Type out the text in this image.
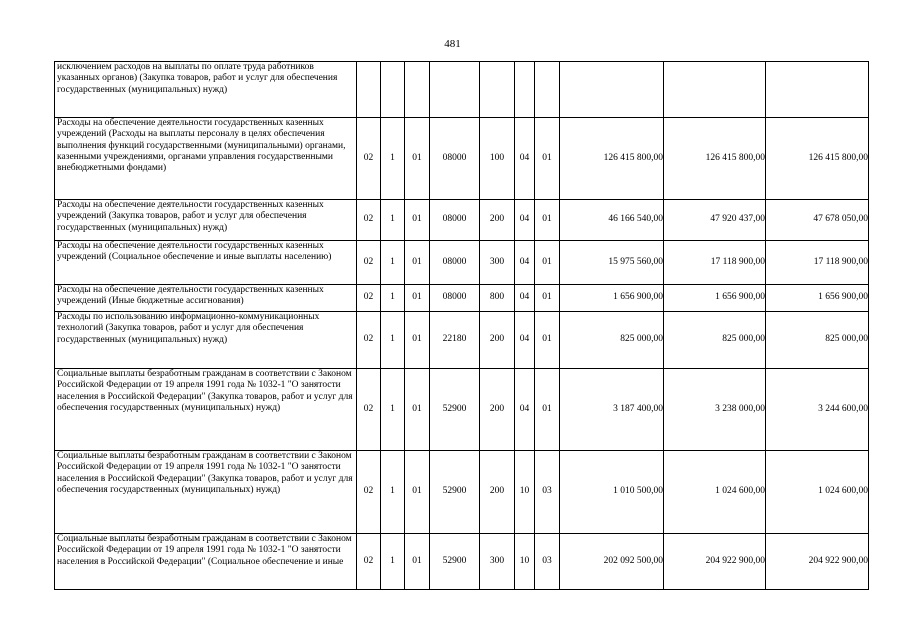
481
исключением расходов на выплаты по оплате труда работников указанных органов) (Закупка товаров, работ и услуг для обеспечения государственных (муниципальных) нужд)										
Расходы на обеспечение деятельности государственных казенных учреждений (Расходы на выплаты персоналу в целях обеспечения выполнения функций государственными (муниципальными) органами, казенными учреждениями, органами управления государственными внебюджетными фондами)	02	1	01	08000	100	04	01	126 415 800,00	126 415 800,00	126 415 800,00
Расходы на обеспечение деятельности государственных казенных учреждений (Закупка товаров, работ и услуг для обеспечения государственных (муниципальных) нужд)	02	1	01	08000	200	04	01	46 166 540,00	47 920 437,00	47 678 050,00
Расходы на обеспечение деятельности государственных казенных учреждений (Социальное обеспечение и иные выплаты населению)	02	1	01	08000	300	04	01	15 975 560,00	17 118 900,00	17 118 900,00
Расходы на обеспечение деятельности государственных казенных учреждений (Иные бюджетные ассигнования)	02	1	01	08000	800	04	01	1 656 900,00	1 656 900,00	1 656 900,00
Расходы по использованию информационно-коммуникационных технологий (Закупка товаров, работ и услуг для обеспечения государственных (муниципальных) нужд)	02	1	01	22180	200	04	01	825 000,00	825 000,00	825 000,00
Социальные выплаты безработным гражданам в соответствии с Законом Российской Федерации от 19 апреля 1991 года № 1032-1 "О занятости населения в Российской Федерации" (Закупка товаров, работ и услуг для обеспечения государственных (муниципальных) нужд)	02	1	01	52900	200	04	01	3 187 400,00	3 238 000,00	3 244 600,00
Социальные выплаты безработным гражданам в соответствии с Законом Российской Федерации от 19 апреля 1991 года № 1032-1 "О занятости населения в Российской Федерации" (Закупка товаров, работ и услуг для обеспечения государственных (муниципальных) нужд)	02	1	01	52900	200	10	03	1 010 500,00	1 024 600,00	1 024 600,00
Социальные выплаты безработным гражданам в соответствии с Законом Российской Федерации от 19 апреля 1991 года № 1032-1 "О занятости населения в Российской Федерации" (Социальное обеспечение и иные	02	1	01	52900	300	10	03	202 092 500,00	204 922 900,00	204 922 900,00
